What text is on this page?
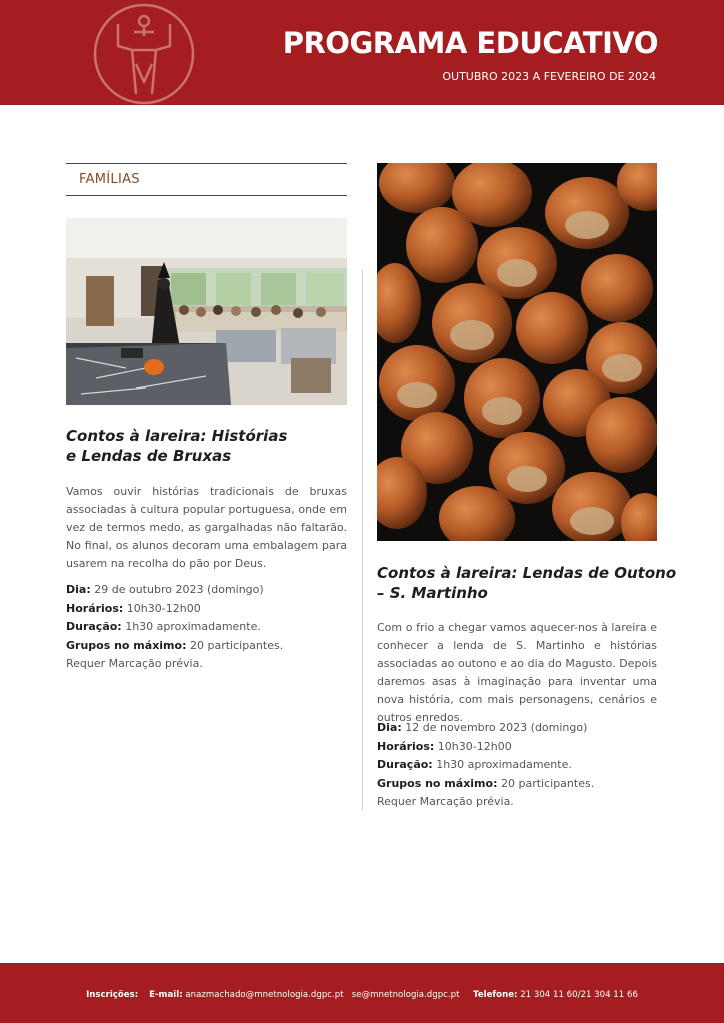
PROGRAMA EDUCATIVO
OUTUBRO 2023 A FEVEREIRO DE 2024
FAMÍLIAS
Contos à lareira: Histórias
e Lendas de Bruxas

Vamos ouvir histórias tradicionais de bruxas associadas à cultura popular portuguesa, onde em vez de termos medo, as gargalhadas não faltarão. No final, os alunos decoram uma embalagem para usarem na recolha do pão por Deus.

Dia: 29 de outubro 2023 (domingo)
Horários: 10h30-12h00
Duração: 1h30 aproximadamente.
Grupos no máximo: 20 participantes.
Requer Marcação prévia.
Contos à lareira: Lendas de Outono
– S. Martinho

Com o frio a chegar vamos aquecer-nos à lareira e conhecer a lenda de S. Martinho e histórias associadas ao outono e ao dia do Magusto. Depois daremos asas à imaginação para inventar uma nova história, com mais personagens, cenários e outros enredos.

Dia: 12 de novembro 2023 (domingo)
Horários: 10h30-12h00
Duração: 1h30 aproximadamente.
Grupos no máximo: 20 participantes.
Requer Marcação prévia.
Inscrições: E-mail: anazmachado@mnetnologia.dgpc.pt se@mnetnologia.dgpc.pt Telefone: 21 304 11 60/21 304 11 66
